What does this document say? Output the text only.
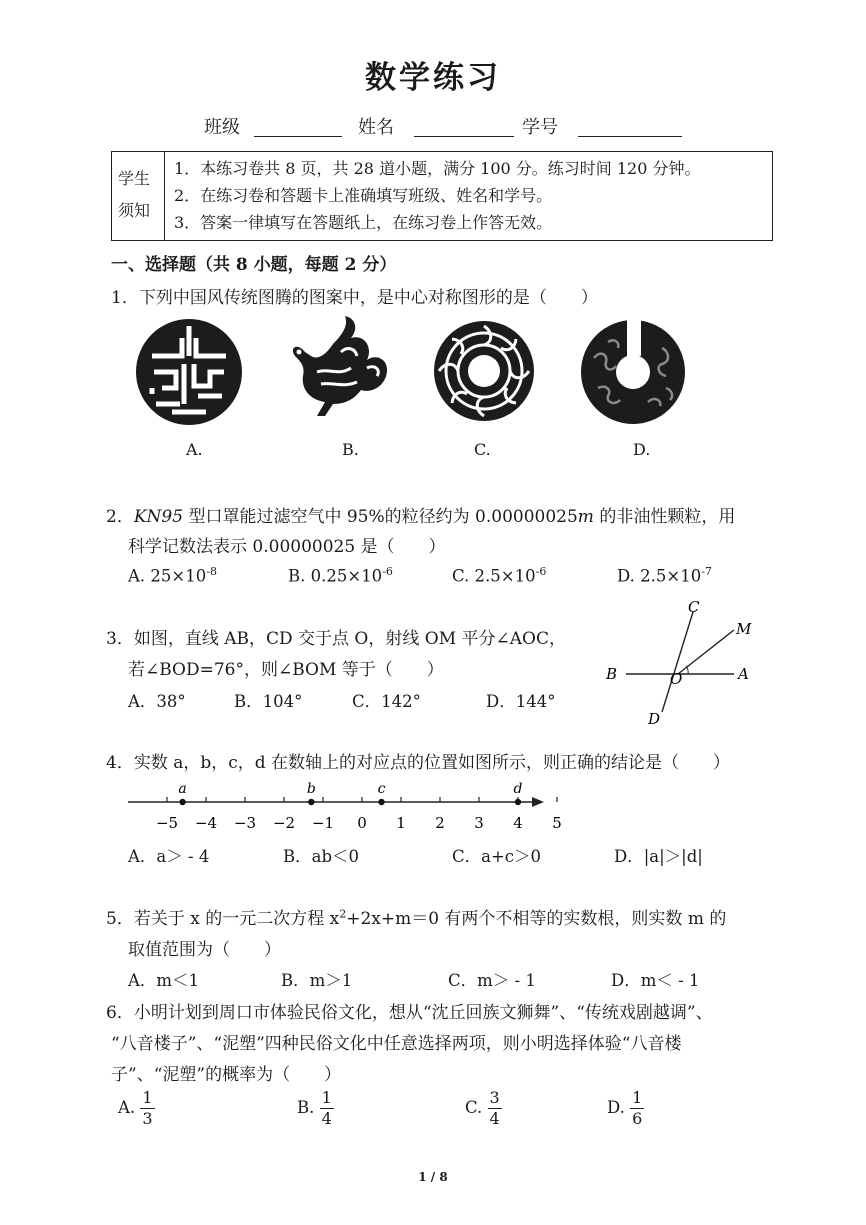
数学练习
班级	姓名	学号
学生
须知
1．本练习卷共 8 页，共 28 道小题，满分 100 分。练习时间 120 分钟。
2．在练习卷和答题卡上准确填写班级、姓名和学号。
3．答案一律填写在答题纸上，在练习卷上作答无效。
一、选择题（共 8 小题，每题 2 分）
1．下列中国风传统图腾的图案中，是中心对称图形的是（　　）
A.	B.	C.	D.
2．KN95 型口罩能过滤空气中 95%的粒径约为 0.00000025m 的非油性颗粒，用
科学记数法表示 0.00000025 是（　　）
A. $25\times 10^{-8}$	B. $0.25\times 10^{-6}$	C. $2.5\times 10^{-6}$	D. $2.5\times 10^{-7}$
3．如图，直线 AB，CD 交于点 O，射线 OM 平分∠AOC，
若∠BOD=76°，则∠BOM 等于（　　）
A．38°	B．104°	C．142°	D．144°
C
M
B	O	A
D
4．实数 a，b，c，d 在数轴上的对应点的位置如图所示，则正确的结论是（　　）
−5 −4 −3 −2 −1 0 1 2 3 4 5
a	b	c	d
A．a＞ - 4	B．ab＜0	C．a+c＞0	D．|a|＞|d|
5．若关于 x 的一元二次方程 $x^2+2x+m=0$ 有两个不相等的实数根，则实数 m 的
取值范围为（　　）
A．m＜1	B．m＞1	C．m＞ - 1	D．m＜ - 1
6．小明计划到周口市体验民俗文化，想从“沈丘回族文狮舞”、“传统戏剧越调”、
“八音楼子”、“泥塑”四种民俗文化中任意选择两项，则小明选择体验“八音楼
子”、“泥塑”的概率为（　　）
A. $\frac{1}{3}$	B. $\frac{1}{4}$	C. $\frac{3}{4}$	D. $\frac{1}{6}$
1 / 8
